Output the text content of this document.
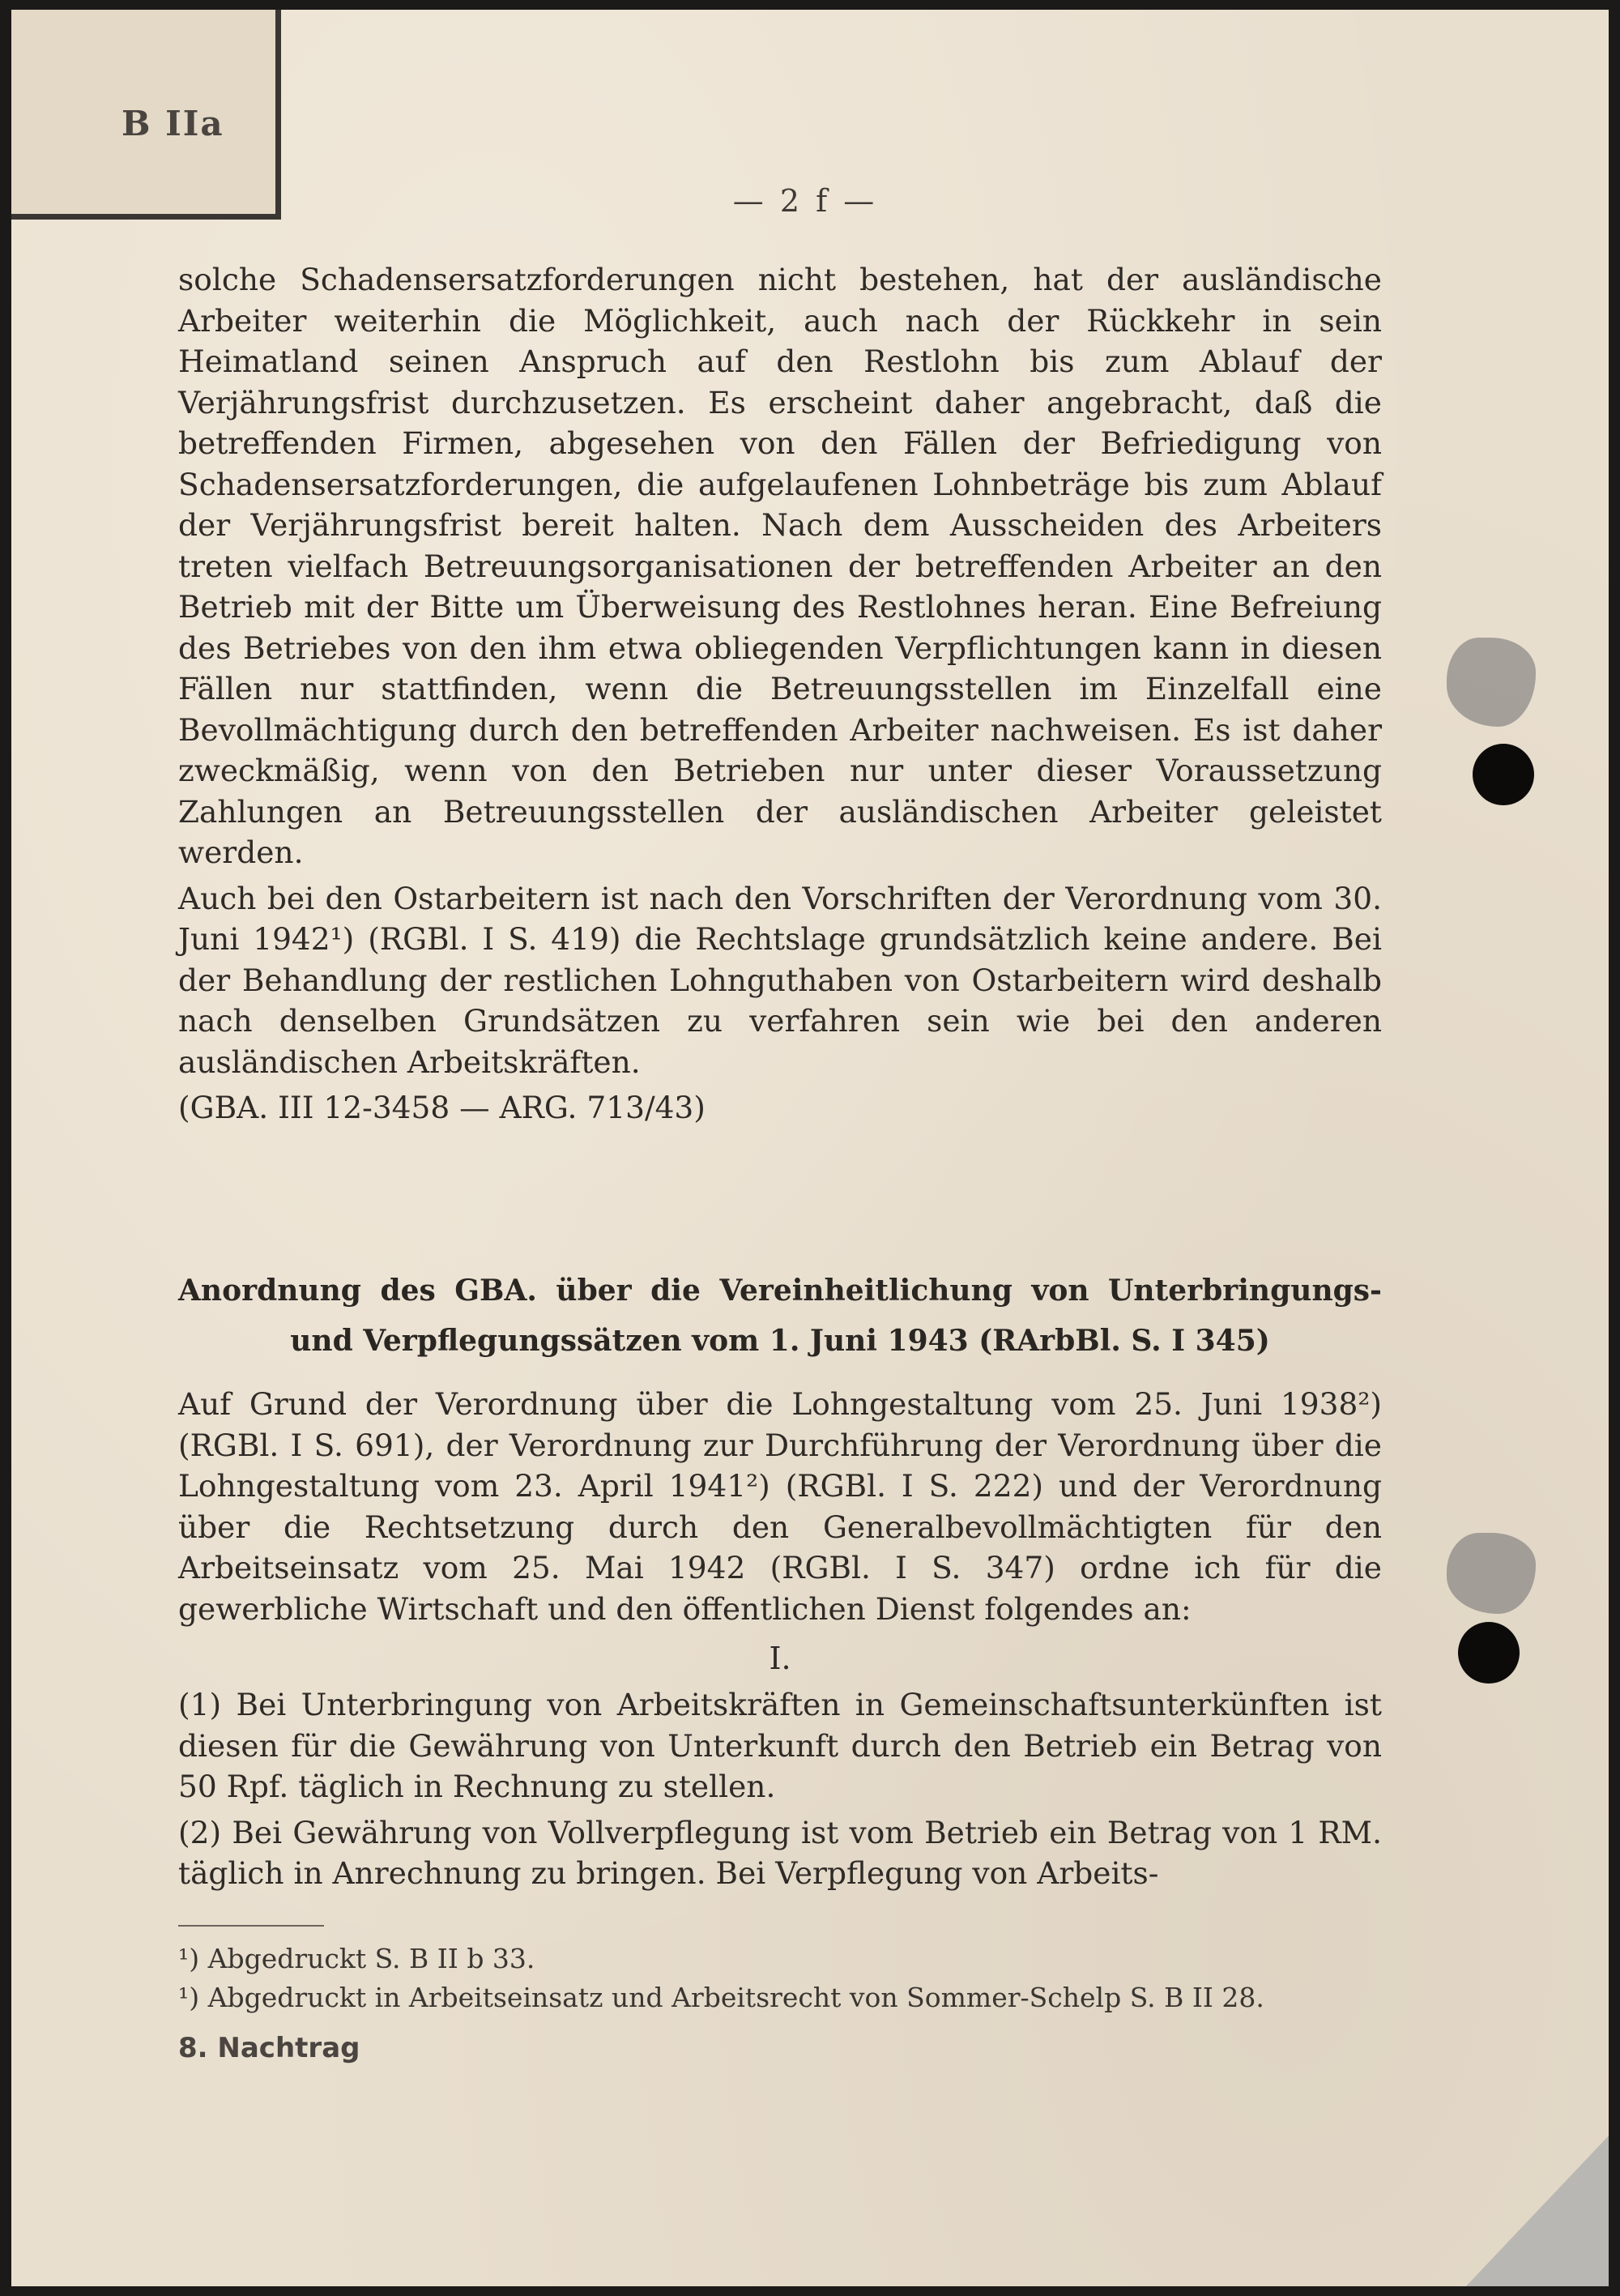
B IIa
— 2 f —

solche Schadensersatzforderungen nicht bestehen, hat der ausländische Arbeiter weiterhin die Möglichkeit, auch nach der Rückkehr in sein Heimatland seinen Anspruch auf den Restlohn bis zum Ablauf der Verjährungsfrist durchzusetzen. Es erscheint daher angebracht, daß die betreffenden Firmen, abgesehen von den Fällen der Befriedigung von Schadensersatzforderungen, die aufgelaufenen Lohnbeträge bis zum Ablauf der Verjährungsfrist bereit halten. Nach dem Ausscheiden des Arbeiters treten vielfach Betreuungsorganisationen der betreffenden Arbeiter an den Betrieb mit der Bitte um Überweisung des Restlohnes heran. Eine Befreiung des Betriebes von den ihm etwa obliegenden Verpflichtungen kann in diesen Fällen nur stattfinden, wenn die Betreuungsstellen im Einzelfall eine Bevollmächtigung durch den betreffenden Arbeiter nachweisen. Es ist daher zweckmäßig, wenn von den Betrieben nur unter dieser Voraussetzung Zahlungen an Betreuungsstellen der ausländischen Arbeiter geleistet werden.

Auch bei den Ostarbeitern ist nach den Vorschriften der Verordnung vom 30. Juni 1942¹) (RGBl. I S. 419) die Rechtslage grundsätzlich keine andere. Bei der Behandlung der restlichen Lohnguthaben von Ostarbeitern wird deshalb nach denselben Grundsätzen zu verfahren sein wie bei den anderen ausländischen Arbeitskräften.

(GBA. III 12-3458 — ARG. 713/43)
Anordnung des GBA. über die Vereinheitlichung von Unterbringungs-
und Verpflegungssätzen vom 1. Juni 1943 (RArbBl. S. I 345)

Auf Grund der Verordnung über die Lohngestaltung vom 25. Juni 1938²) (RGBl. I S. 691), der Verordnung zur Durchführung der Verordnung über die Lohngestaltung vom 23. April 1941²) (RGBl. I S. 222) und der Verordnung über die Rechtsetzung durch den Generalbevollmächtigten für den Arbeitseinsatz vom 25. Mai 1942 (RGBl. I S. 347) ordne ich für die gewerbliche Wirtschaft und den öffentlichen Dienst folgendes an:

I.

(1) Bei Unterbringung von Arbeitskräften in Gemeinschaftsunterkünften ist diesen für die Gewährung von Unterkunft durch den Betrieb ein Betrag von 50 Rpf. täglich in Rechnung zu stellen.

(2) Bei Gewährung von Vollverpflegung ist vom Betrieb ein Betrag von 1 RM. täglich in Anrechnung zu bringen. Bei Verpflegung von Arbeits-

¹) Abgedruckt S. B II b 33.
¹) Abgedruckt in Arbeitseinsatz und Arbeitsrecht von Sommer-Schelp S. B II 28.
8. Nachtrag
